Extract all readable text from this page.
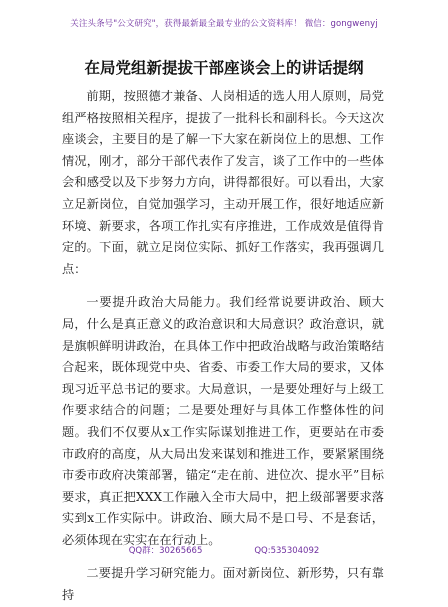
关注头条号"公文研究"，获得最新最全最专业的公文资料库！ 微信：gongwenyj
在局党组新提拔干部座谈会上的讲话提纲

前期，按照德才兼备、人岗相适的选人用人原则，局党组严格按照相关程序，提拔了一批科长和副科长。今天这次座谈会，主要目的是了解一下大家在新岗位上的思想、工作情况，刚才，部分干部代表作了发言，谈了工作中的一些体会和感受以及下步努力方向，讲得都很好。可以看出，大家立足新岗位，自觉加强学习，主动开展工作，很好地适应新环境、新要求，各项工作扎实有序推进，工作成效是值得肯定的。下面，就立足岗位实际、抓好工作落实，我再强调几点：

一要提升政治大局能力。我们经常说要讲政治、顾大局，什么是真正意义的政治意识和大局意识？政治意识，就是旗帜鲜明讲政治，在具体工作中把政治战略与政治策略结合起来，既体现党中央、省委、市委工作大局的要求，又体现习近平总书记的要求。大局意识，一是要处理好与上级工作要求结合的问题；二是要处理好与具体工作整体性的问题。我们不仅要从x工作实际谋划推进工作，更要站在市委市政府的高度，从大局出发来谋划和推进工作，要紧紧围绕市委市政府决策部署，锚定“走在前、进位次、提水平”目标要求，真正把XXX工作融入全市大局中，把上级部署要求落实到x工作实际中。讲政治、顾大局不是口号、不是套话，必须体现在实实在在行动上。

二要提升学习研究能力。面对新岗位、新形势，只有靠持

QQ群：30265665	QQ:535304092
